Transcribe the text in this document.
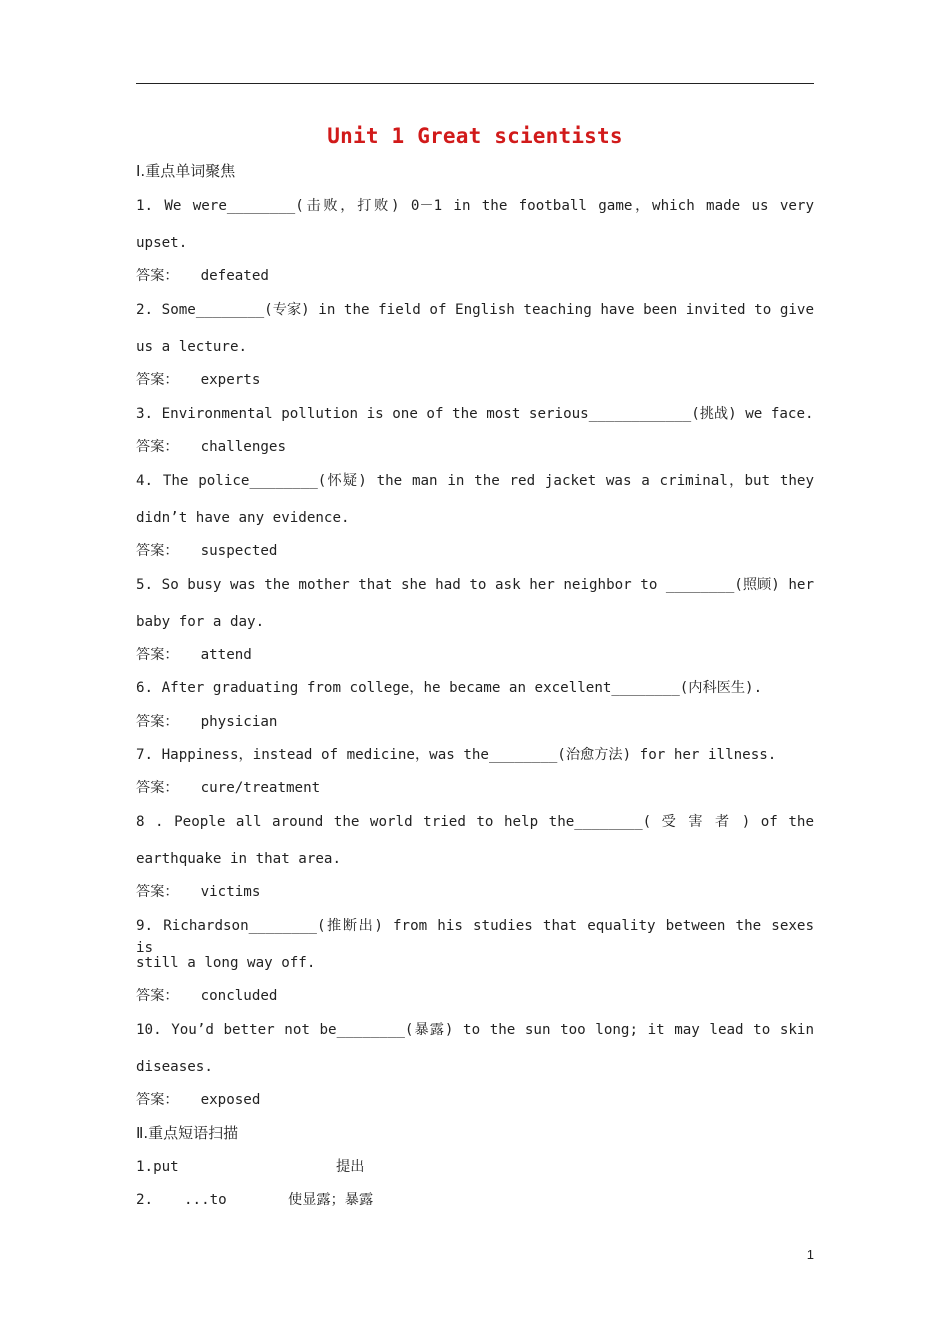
Unit 1 Great scientists
Ⅰ.重点单词聚焦
1. We were________(击败，打败) 0－1 in the football game，which made us very
upset.
答案： defeated
2. Some________(专家) in the field of English teaching have been invited to give
us a lecture.
答案： experts
3. Environmental pollution is one of the most serious____________(挑战) we face.
答案： challenges
4. The police________(怀疑) the man in the red jacket was a criminal，but they
didn’t have any evidence.
答案： suspected
5. So busy was the mother that she had to ask her neighbor to ________(照顾) her
baby for a day.
答案： attend
6. After graduating from college，he became an excellent________(内科医生).
答案： physician
7. Happiness，instead of medicine，was the________(治愈方法) for her illness.
答案： cure/treatment
8 . People all around the world tried to help the________( 受 害 者 ) of the
earthquake in that area.
答案： victims
9. Richardson________(推断出) from his studies that equality between the sexes is
still a long way off.
答案： concluded
10. You’d better not be________(暴露) to the sun too long; it may lead to skin
diseases.
答案： exposed
Ⅱ.重点短语扫描
1.put	提出
2. ...to	使显露；暴露
1
